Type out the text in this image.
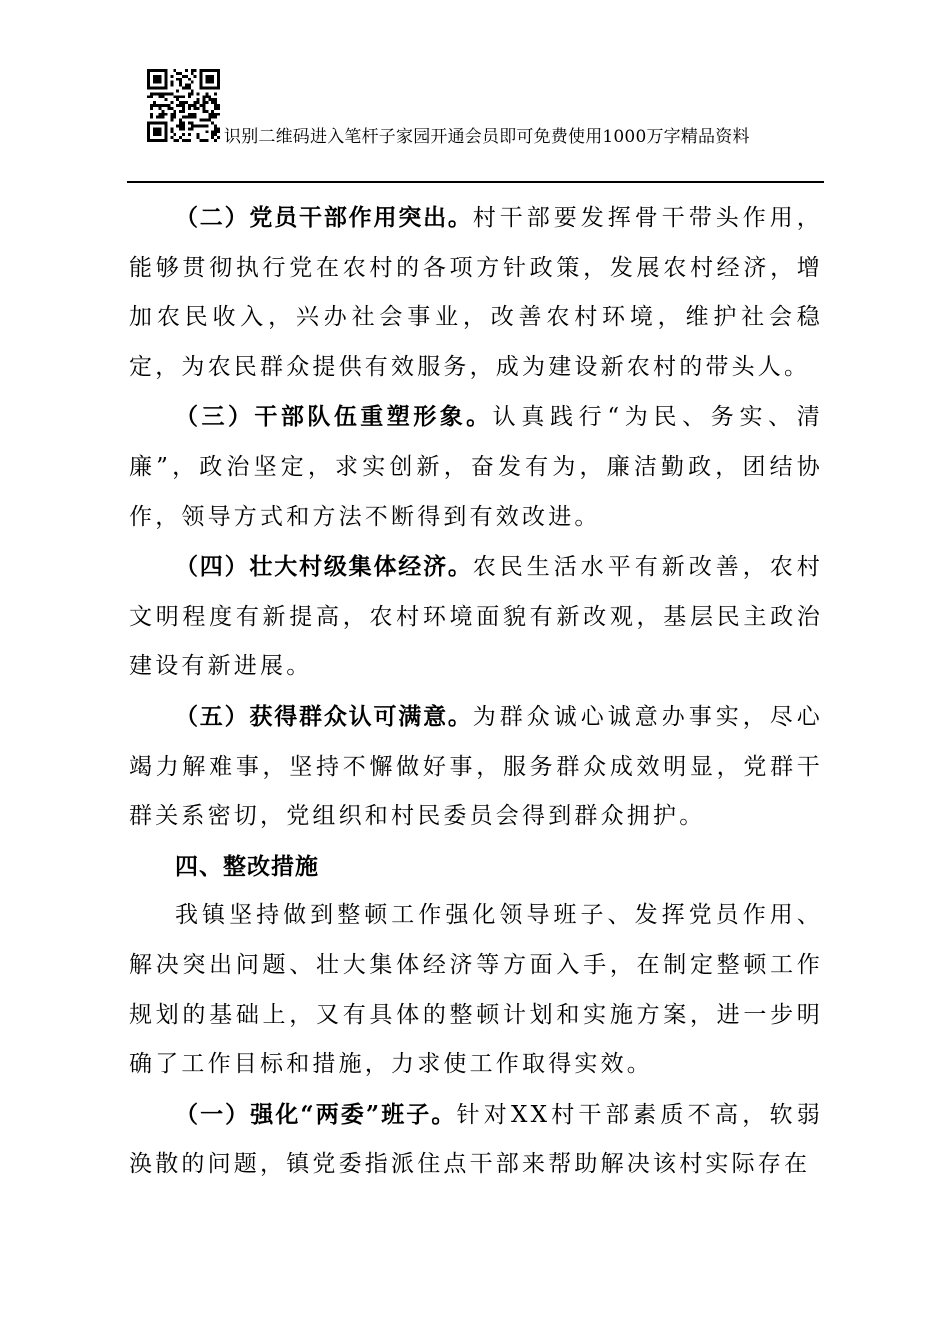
识别二维码进入笔杆子家园开通会员即可免费使用1000万字精品资料

（二）党员干部作用突出。村干部要发挥骨干带头作用，能够贯彻执行党在农村的各项方针政策，发展农村经济，增加农民收入，兴办社会事业，改善农村环境，维护社会稳定，为农民群众提供有效服务，成为建设新农村的带头人。

（三）干部队伍重塑形象。认真践行“为民、务实、清廉”，政治坚定，求实创新，奋发有为，廉洁勤政，团结协作，领导方式和方法不断得到有效改进。

（四）壮大村级集体经济。农民生活水平有新改善，农村文明程度有新提高，农村环境面貌有新改观，基层民主政治建设有新进展。

（五）获得群众认可满意。为群众诚心诚意办事实，尽心竭力解难事，坚持不懈做好事，服务群众成效明显，党群干群关系密切，党组织和村民委员会得到群众拥护。

四、整改措施

我镇坚持做到整顿工作强化领导班子、发挥党员作用、解决突出问题、壮大集体经济等方面入手，在制定整顿工作规划的基础上，又有具体的整顿计划和实施方案，进一步明确了工作目标和措施，力求使工作取得实效。

（一）强化“两委”班子。针对XX村干部素质不高，软弱涣散的问题，镇党委指派住点干部来帮助解决该村实际存在
